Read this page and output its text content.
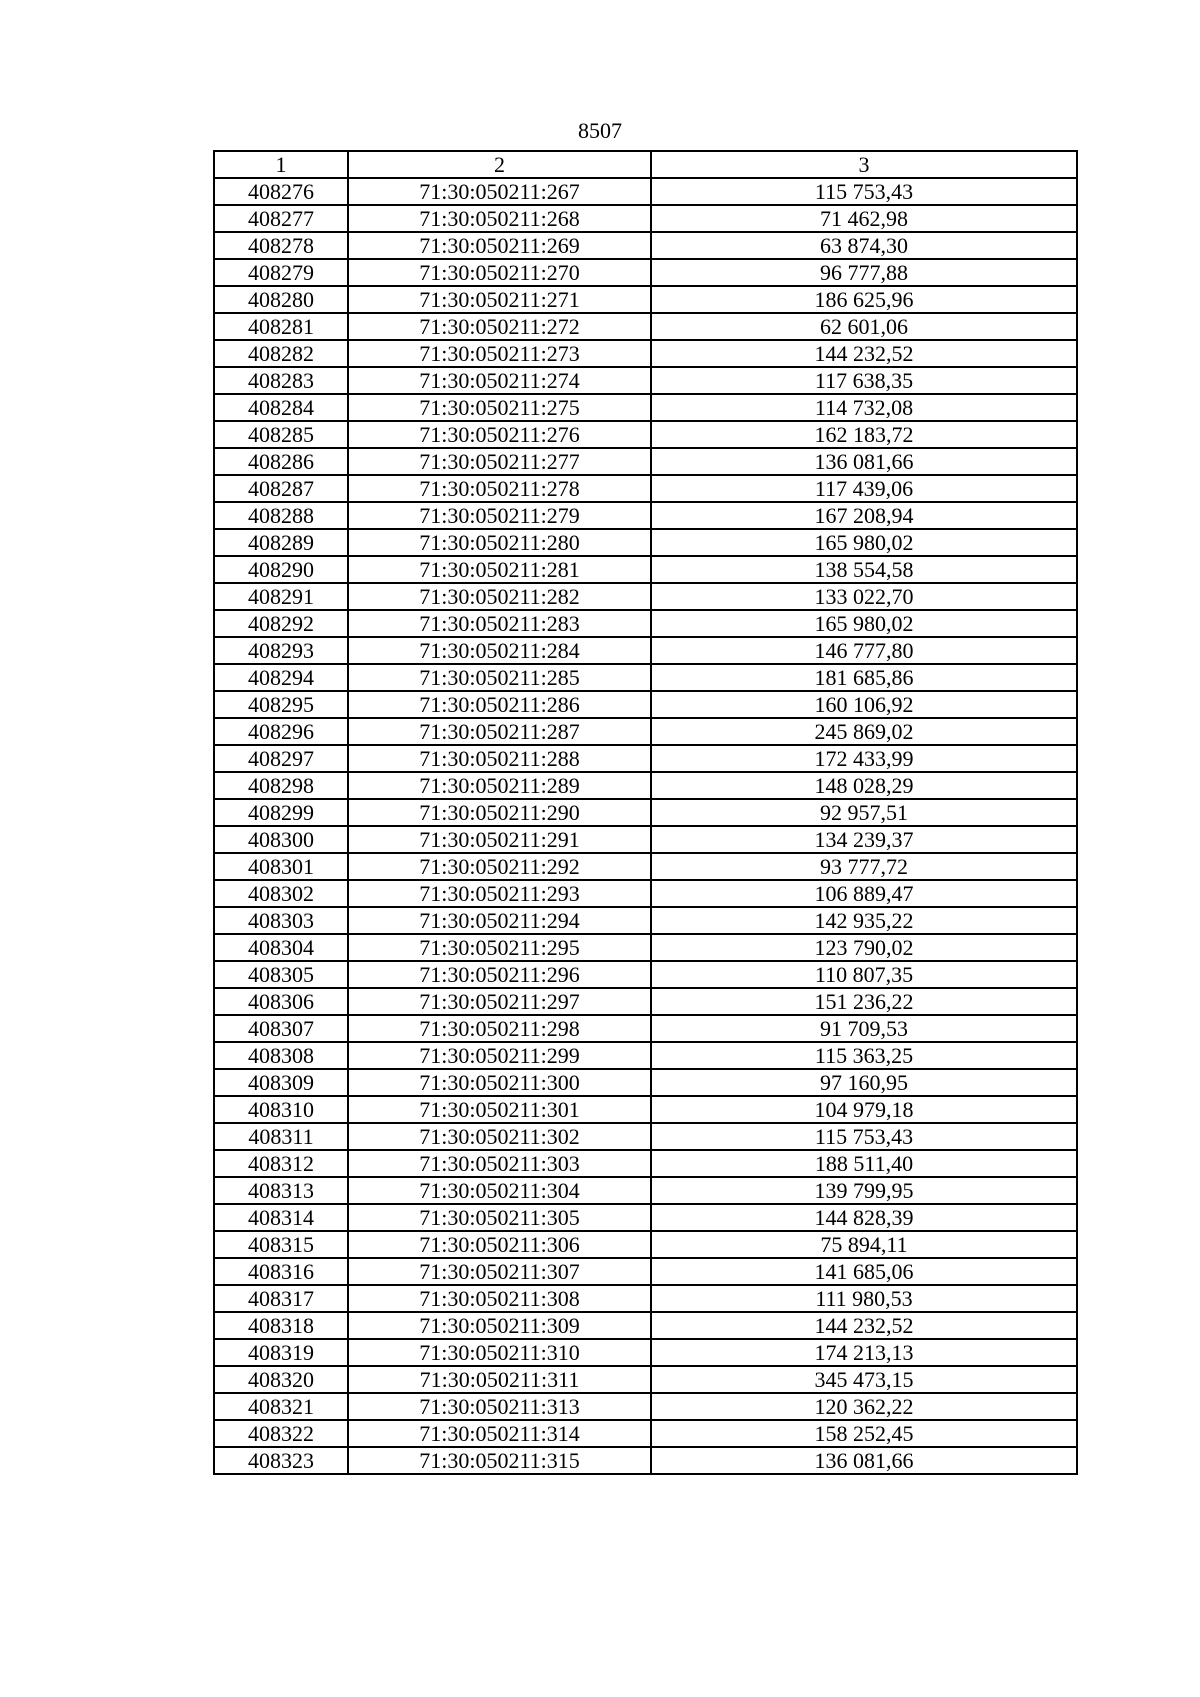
8507
1	2	3
408276	71:30:050211:267	115 753,43
408277	71:30:050211:268	71 462,98
408278	71:30:050211:269	63 874,30
408279	71:30:050211:270	96 777,88
408280	71:30:050211:271	186 625,96
408281	71:30:050211:272	62 601,06
408282	71:30:050211:273	144 232,52
408283	71:30:050211:274	117 638,35
408284	71:30:050211:275	114 732,08
408285	71:30:050211:276	162 183,72
408286	71:30:050211:277	136 081,66
408287	71:30:050211:278	117 439,06
408288	71:30:050211:279	167 208,94
408289	71:30:050211:280	165 980,02
408290	71:30:050211:281	138 554,58
408291	71:30:050211:282	133 022,70
408292	71:30:050211:283	165 980,02
408293	71:30:050211:284	146 777,80
408294	71:30:050211:285	181 685,86
408295	71:30:050211:286	160 106,92
408296	71:30:050211:287	245 869,02
408297	71:30:050211:288	172 433,99
408298	71:30:050211:289	148 028,29
408299	71:30:050211:290	92 957,51
408300	71:30:050211:291	134 239,37
408301	71:30:050211:292	93 777,72
408302	71:30:050211:293	106 889,47
408303	71:30:050211:294	142 935,22
408304	71:30:050211:295	123 790,02
408305	71:30:050211:296	110 807,35
408306	71:30:050211:297	151 236,22
408307	71:30:050211:298	91 709,53
408308	71:30:050211:299	115 363,25
408309	71:30:050211:300	97 160,95
408310	71:30:050211:301	104 979,18
408311	71:30:050211:302	115 753,43
408312	71:30:050211:303	188 511,40
408313	71:30:050211:304	139 799,95
408314	71:30:050211:305	144 828,39
408315	71:30:050211:306	75 894,11
408316	71:30:050211:307	141 685,06
408317	71:30:050211:308	111 980,53
408318	71:30:050211:309	144 232,52
408319	71:30:050211:310	174 213,13
408320	71:30:050211:311	345 473,15
408321	71:30:050211:313	120 362,22
408322	71:30:050211:314	158 252,45
408323	71:30:050211:315	136 081,66
